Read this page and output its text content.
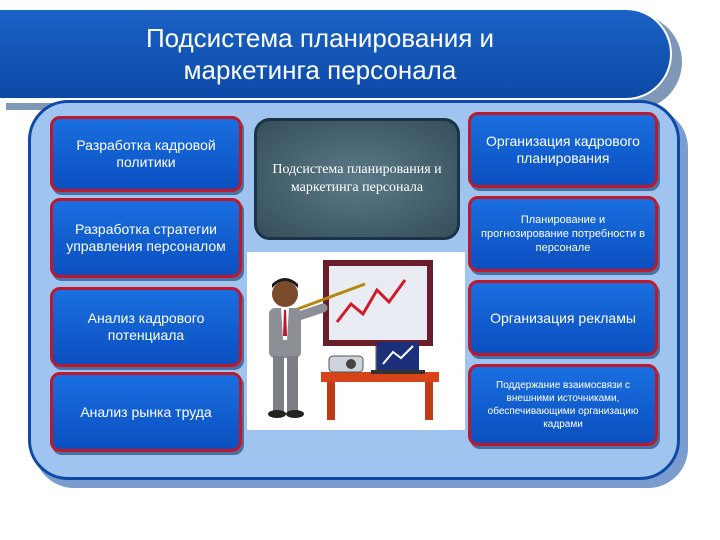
Подсистема планирования и
маркетинга персонала
Разработка кадровой политики
Разработка стратегии управления персоналом
Анализ кадрового потенциала
Анализ рынка труда
Подсистема планирования и маркетинга персонала
Организация кадрового планирования
Планирование и прогнозирование потребности в персонале
Организация рекламы
Поддержание взаимосвязи с внешними источниками, обеспечивающими организацию кадрами
